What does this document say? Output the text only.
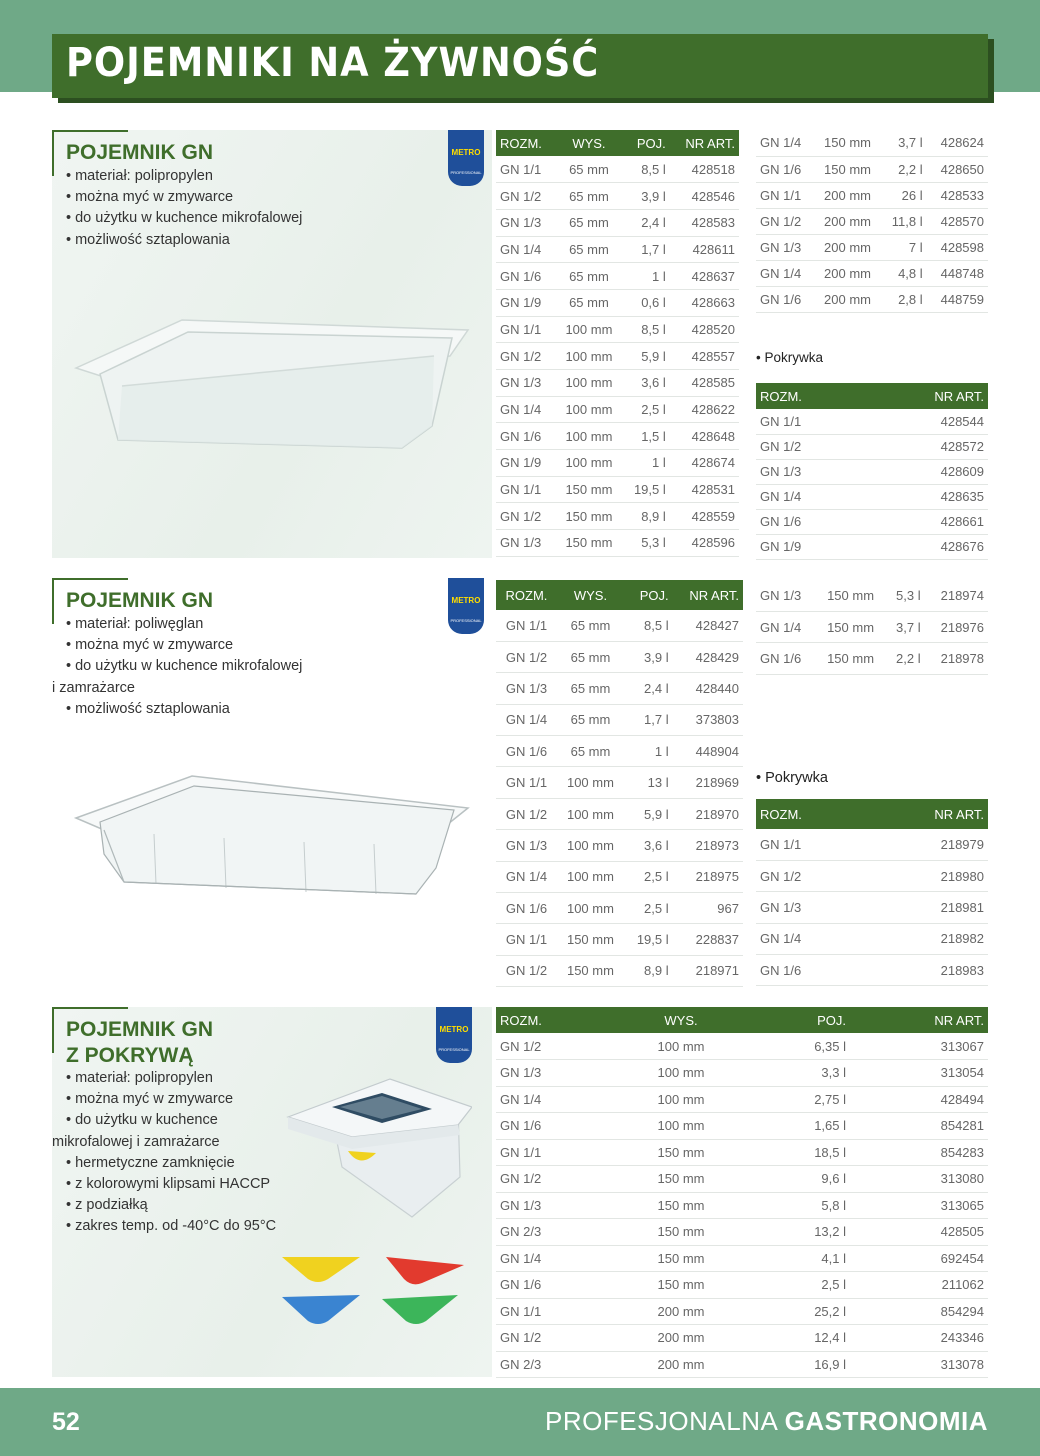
POJEMNIKI NA ŻYWNOŚĆ
POJEMNIK GN
• materiał: polipropylen
• można myć w zmywarce
• do użytku w kuchence mikrofalowej
• możliwość sztaplowania
METRO
PROFESSIONAL
ROZM.	WYS.	POJ.	NR ART.
GN 1/1	65 mm	8,5 l	428518
GN 1/2	65 mm	3,9 l	428546
GN 1/3	65 mm	2,4 l	428583
GN 1/4	65 mm	1,7 l	428611
GN 1/6	65 mm	1 l	428637
GN 1/9	65 mm	0,6 l	428663
GN 1/1	100 mm	8,5 l	428520
GN 1/2	100 mm	5,9 l	428557
GN 1/3	100 mm	3,6 l	428585
GN 1/4	100 mm	2,5 l	428622
GN 1/6	100 mm	1,5 l	428648
GN 1/9	100 mm	1 l	428674
GN 1/1	150 mm	19,5 l	428531
GN 1/2	150 mm	8,9 l	428559
GN 1/3	150 mm	5,3 l	428596
GN 1/4	150 mm	3,7 l	428624
GN 1/6	150 mm	2,2 l	428650
GN 1/1	200 mm	26 l	428533
GN 1/2	200 mm	11,8 l	428570
GN 1/3	200 mm	7 l	428598
GN 1/4	200 mm	4,8 l	448748
GN 1/6	200 mm	2,8 l	448759
• Pokrywka
ROZM.	NR ART.
GN 1/1	428544
GN 1/2	428572
GN 1/3	428609
GN 1/4	428635
GN 1/6	428661
GN 1/9	428676
POJEMNIK GN
• materiał: poliwęglan
• można myć w zmywarce
• do użytku w kuchence mikrofalowej
i zamrażarce
• możliwość sztaplowania
METRO
PROFESSIONAL
ROZM.	WYS.	POJ.	NR ART.
GN 1/1	65 mm	8,5 l	428427
GN 1/2	65 mm	3,9 l	428429
GN 1/3	65 mm	2,4 l	428440
GN 1/4	65 mm	1,7 l	373803
GN 1/6	65 mm	1 l	448904
GN 1/1	100 mm	13 l	218969
GN 1/2	100 mm	5,9 l	218970
GN 1/3	100 mm	3,6 l	218973
GN 1/4	100 mm	2,5 l	218975
GN 1/6	100 mm	2,5 l	967
GN 1/1	150 mm	19,5 l	228837
GN 1/2	150 mm	8,9 l	218971
GN 1/3	150 mm	5,3 l	218974
GN 1/4	150 mm	3,7 l	218976
GN 1/6	150 mm	2,2 l	218978
• Pokrywka
ROZM.	NR ART.
GN 1/1	218979
GN 1/2	218980
GN 1/3	218981
GN 1/4	218982
GN 1/6	218983
POJEMNIK GN
Z POKRYWĄ
• materiał: polipropylen
• można myć w zmywarce
• do użytku w kuchence
mikrofalowej i zamrażarce
• hermetyczne zamknięcie
• z kolorowymi klipsami HACCP
• z podziałką
• zakres temp. od -40°C do 95°C
METRO
PROFESSIONAL
ROZM.	WYS.	POJ.	NR ART.
GN 1/2	100 mm	6,35 l	313067
GN 1/3	100 mm	3,3 l	313054
GN 1/4	100 mm	2,75 l	428494
GN 1/6	100 mm	1,65 l	854281
GN 1/1	150 mm	18,5 l	854283
GN 1/2	150 mm	9,6 l	313080
GN 1/3	150 mm	5,8 l	313065
GN 2/3	150 mm	13,2 l	428505
GN 1/4	150 mm	4,1 l	692454
GN 1/6	150 mm	2,5 l	211062
GN 1/1	200 mm	25,2 l	854294
GN 1/2	200 mm	12,4 l	243346
GN 2/3	200 mm	16,9 l	313078
52	PROFESJONALNA GASTRONOMIA
